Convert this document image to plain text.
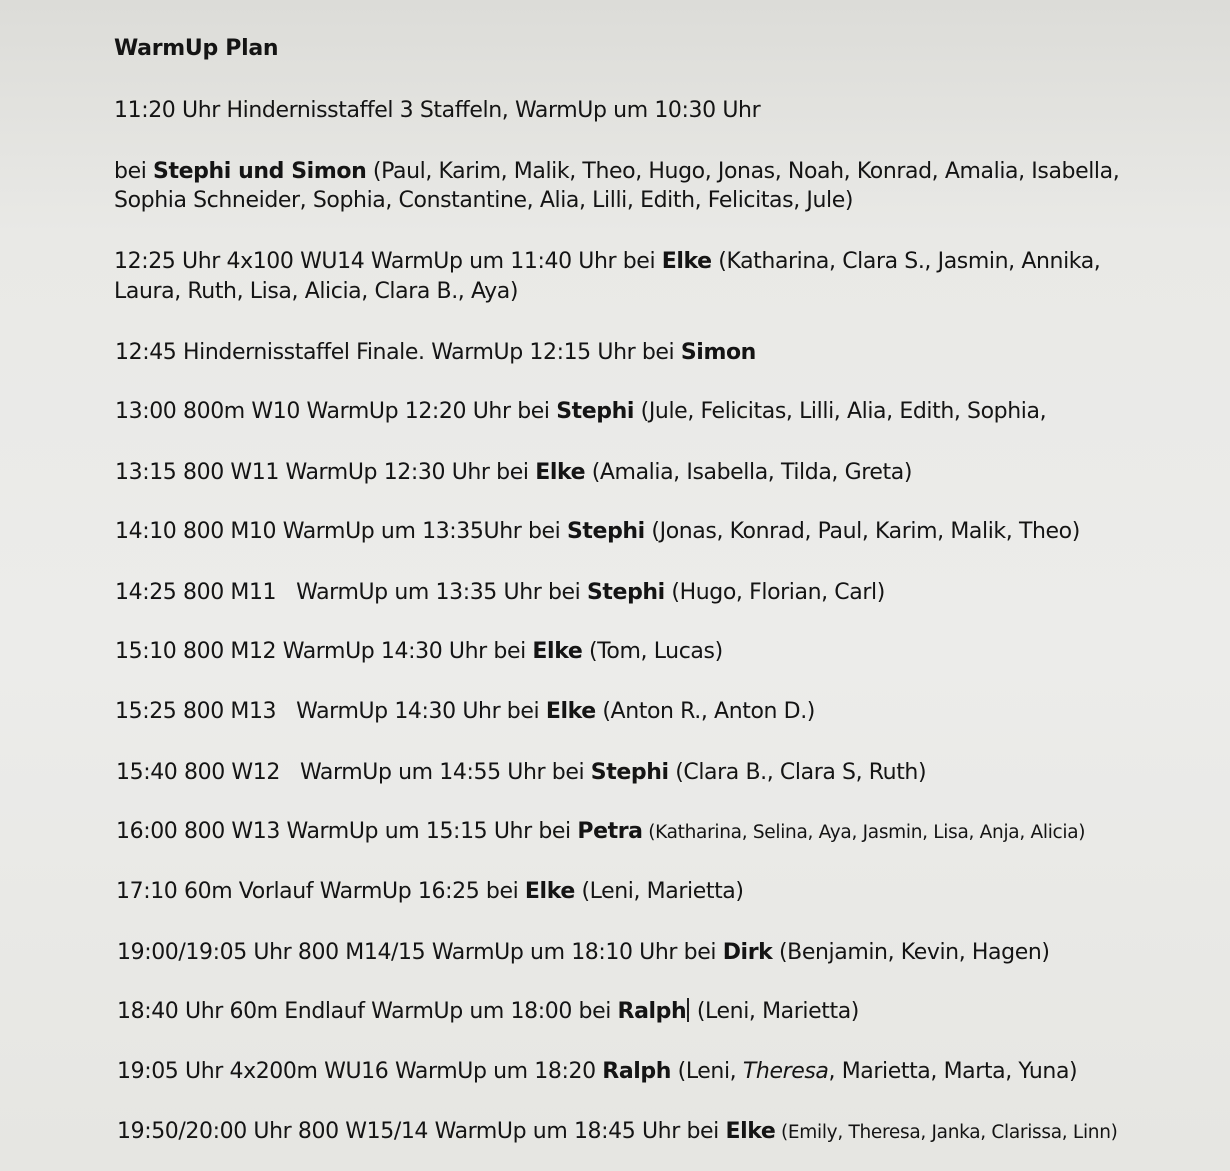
WarmUp Plan
11:20 Uhr Hindernisstaffel 3 Staffeln, WarmUp um 10:30 Uhr
bei Stephi und Simon (Paul, Karim, Malik, Theo, Hugo, Jonas, Noah, Konrad, Amalia, Isabella,
Sophia Schneider, Sophia, Constantine, Alia, Lilli, Edith, Felicitas, Jule)
12:25 Uhr 4x100 WU14 WarmUp um 11:40 Uhr bei Elke (Katharina, Clara S., Jasmin, Annika,
Laura, Ruth, Lisa, Alicia, Clara B., Aya)
12:45 Hindernisstaffel Finale. WarmUp 12:15 Uhr bei Simon
13:00 800m W10 WarmUp 12:20 Uhr bei Stephi (Jule, Felicitas, Lilli, Alia, Edith, Sophia,
13:15 800 W11 WarmUp 12:30 Uhr bei Elke (Amalia, Isabella, Tilda, Greta)
14:10 800 M10 WarmUp um 13:35Uhr bei Stephi (Jonas, Konrad, Paul, Karim, Malik, Theo)
14:25 800 M11 WarmUp um 13:35 Uhr bei Stephi (Hugo, Florian, Carl)
15:10 800 M12 WarmUp 14:30 Uhr bei Elke (Tom, Lucas)
15:25 800 M13 WarmUp 14:30 Uhr bei Elke (Anton R., Anton D.)
15:40 800 W12 WarmUp um 14:55 Uhr bei Stephi (Clara B., Clara S, Ruth)
16:00 800 W13 WarmUp um 15:15 Uhr bei Petra (Katharina, Selina, Aya, Jasmin, Lisa, Anja, Alicia)
17:10 60m Vorlauf WarmUp 16:25 bei Elke (Leni, Marietta)
19:00/19:05 Uhr 800 M14/15 WarmUp um 18:10 Uhr bei Dirk (Benjamin, Kevin, Hagen)
18:40 Uhr 60m Endlauf WarmUp um 18:00 bei Ralph (Leni, Marietta)
19:05 Uhr 4x200m WU16 WarmUp um 18:20 Ralph (Leni, Theresa, Marietta, Marta, Yuna)
19:50/20:00 Uhr 800 W15/14 WarmUp um 18:45 Uhr bei Elke (Emily, Theresa, Janka, Clarissa, Linn)
